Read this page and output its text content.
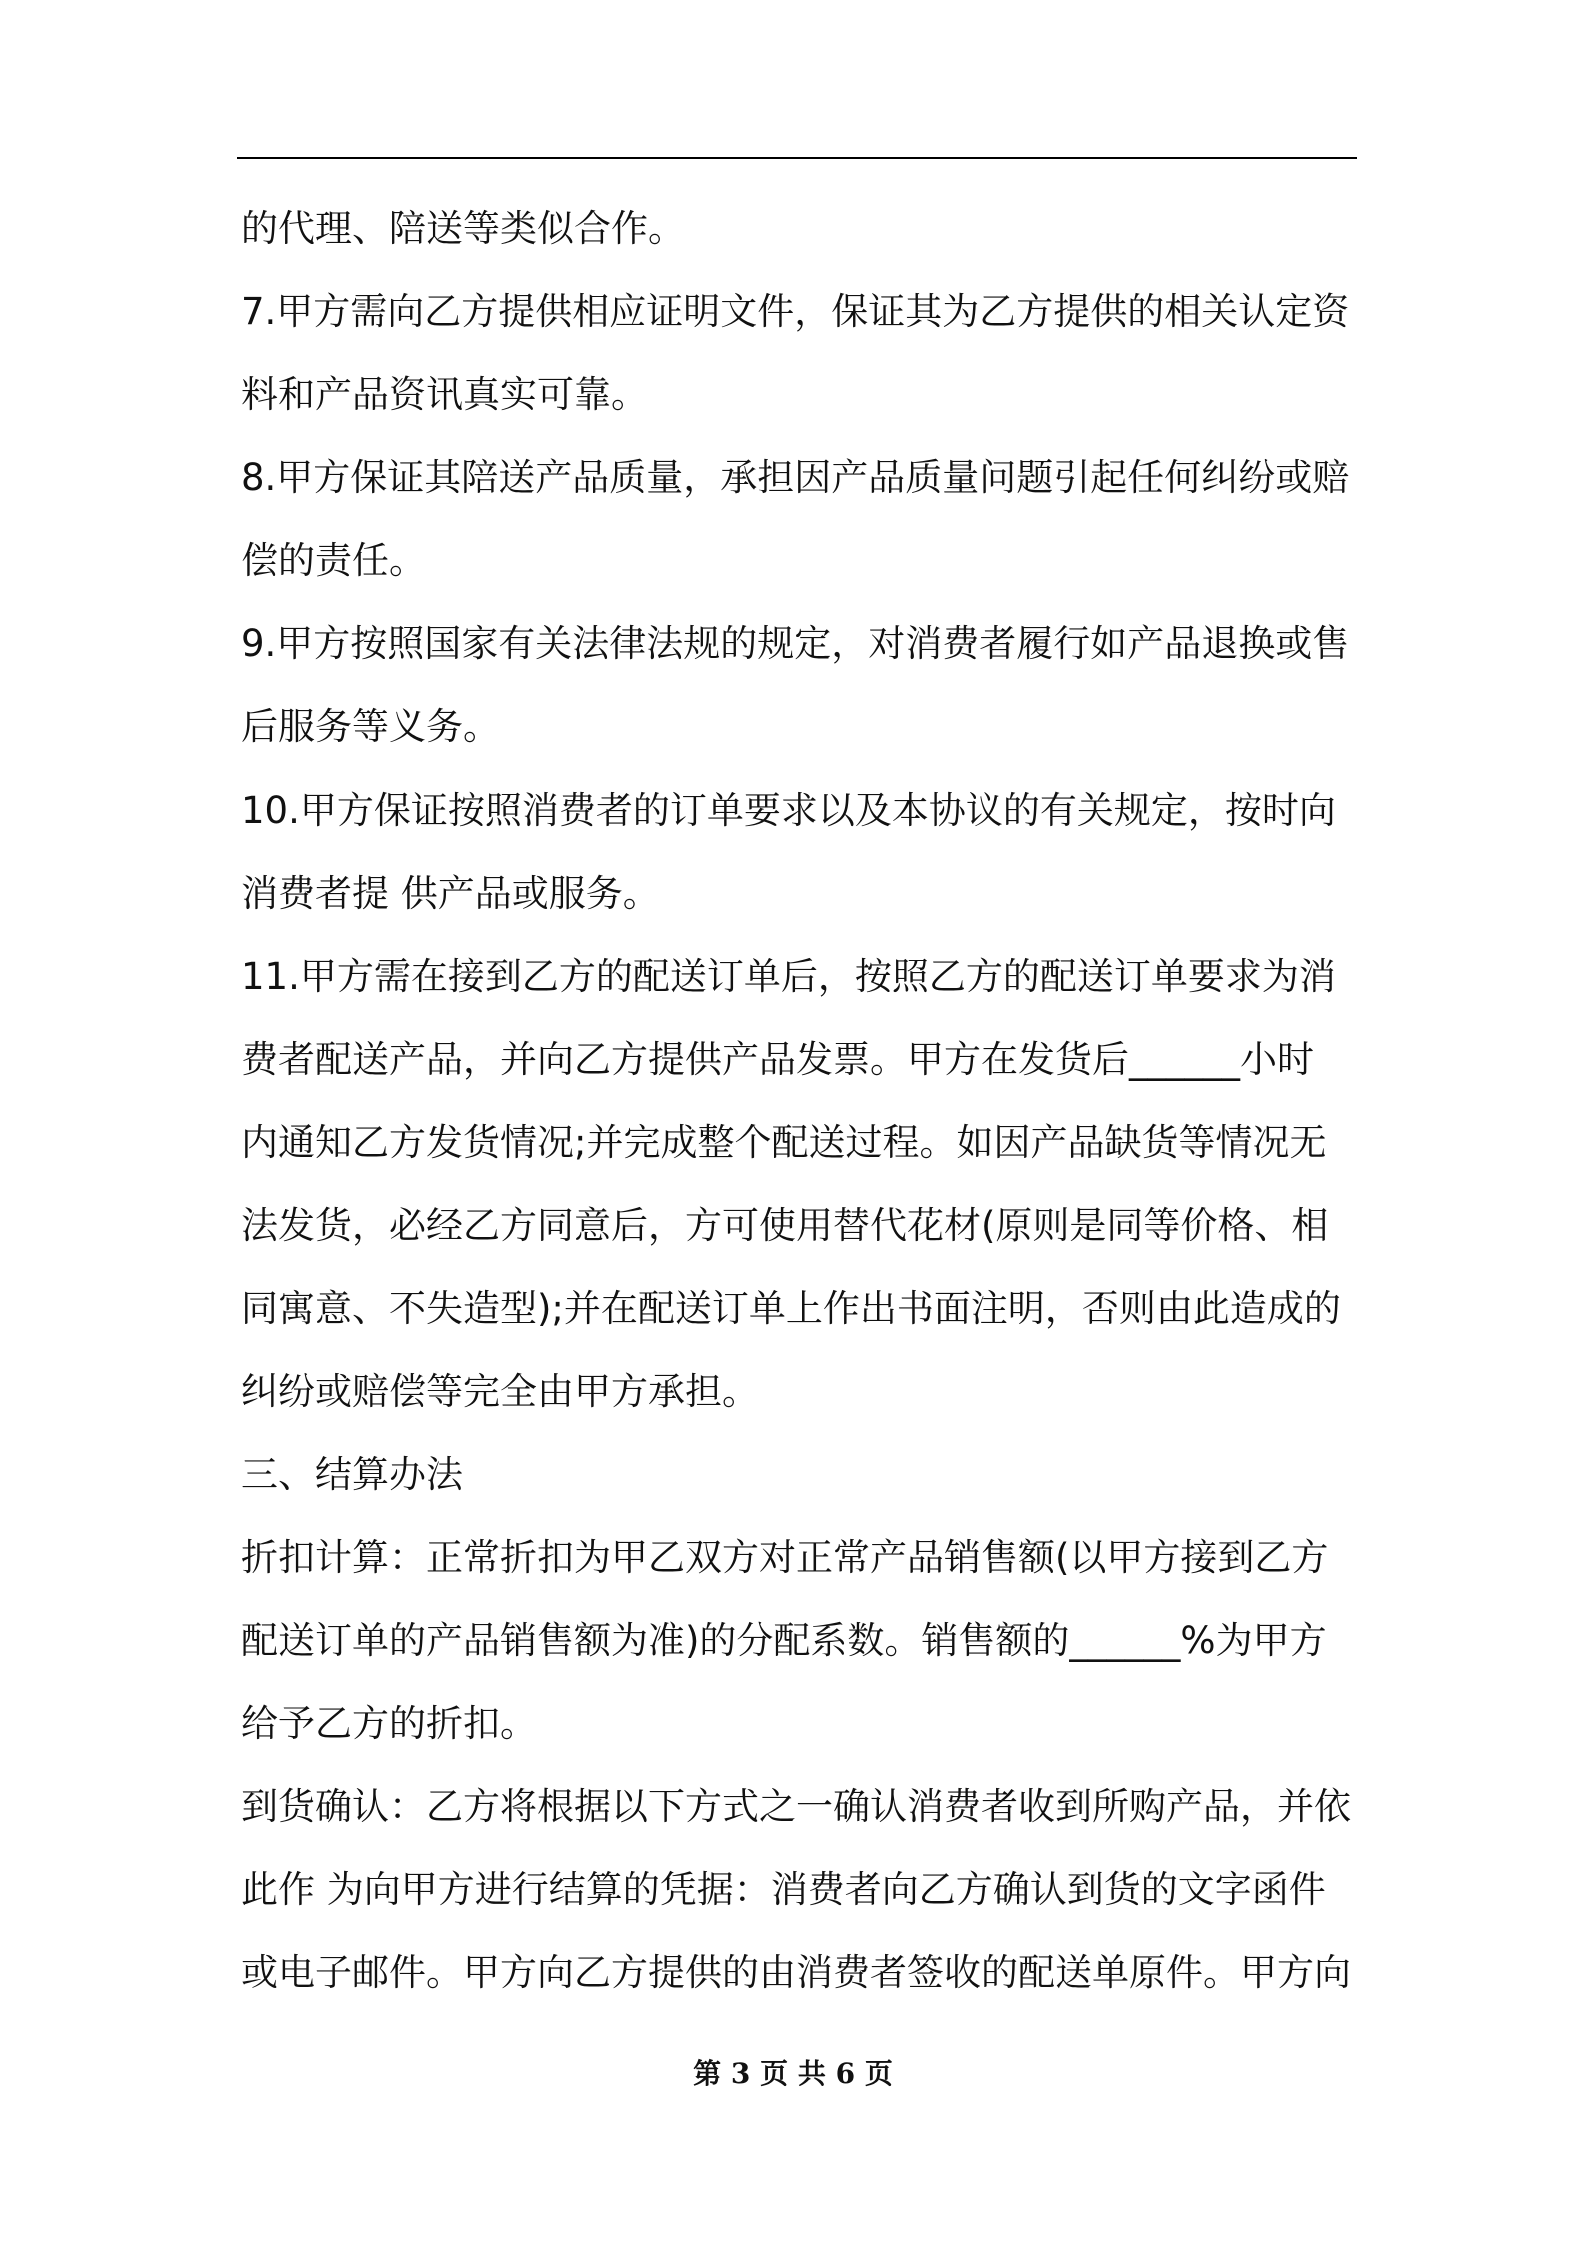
的代理、陪送等类似合作。
7.甲方需向乙方提供相应证明文件，保证其为乙方提供的相关认定资
料和产品资讯真实可靠。
8.甲方保证其陪送产品质量，承担因产品质量问题引起任何纠纷或赔
偿的责任。
9.甲方按照国家有关法律法规的规定，对消费者履行如产品退换或售
后服务等义务。
10.甲方保证按照消费者的订单要求以及本协议的有关规定，按时向
消费者提 供产品或服务。
11.甲方需在接到乙方的配送订单后，按照乙方的配送订单要求为消
费者配送产品，并向乙方提供产品发票。甲方在发货后______小时
内通知乙方发货情况;并完成整个配送过程。如因产品缺货等情况无
法发货，必经乙方同意后，方可使用替代花材(原则是同等价格、相
同寓意、不失造型);并在配送订单上作出书面注明，否则由此造成的
纠纷或赔偿等完全由甲方承担。
三、结算办法
折扣计算：正常折扣为甲乙双方对正常产品销售额(以甲方接到乙方
配送订单的产品销售额为准)的分配系数。销售额的______%为甲方
给予乙方的折扣。
到货确认：乙方将根据以下方式之一确认消费者收到所购产品，并依
此作 为向甲方进行结算的凭据：消费者向乙方确认到货的文字函件
或电子邮件。甲方向乙方提供的由消费者签收的配送单原件。甲方向
第 3 页 共 6 页
